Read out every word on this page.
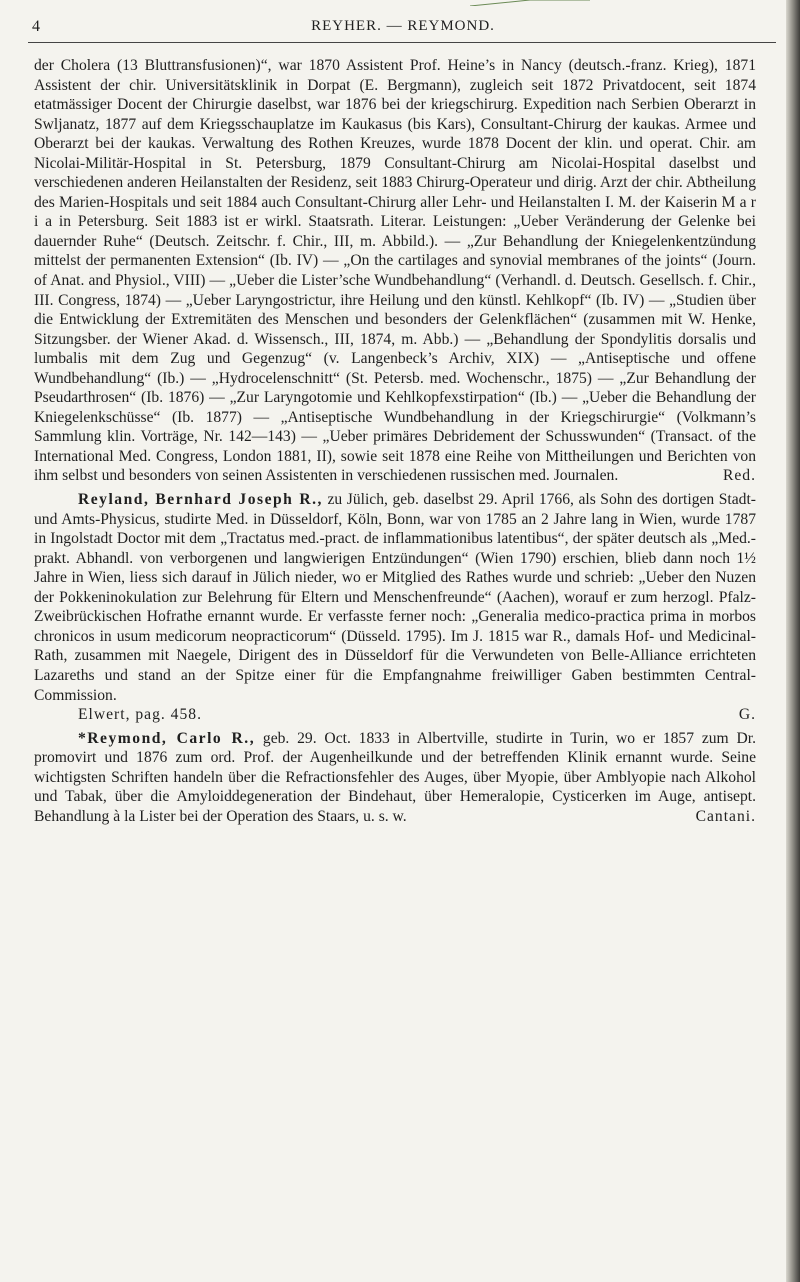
4	REYHER. — REYMOND.

der Cholera (13 Bluttransfusionen)“, war 1870 Assistent Prof. Heine’s in Nancy (deutsch.-franz. Krieg), 1871 Assistent der chir. Universitätsklinik in Dorpat (E. Bergmann), zugleich seit 1872 Privatdocent, seit 1874 etatmässiger Docent der Chirurgie daselbst, war 1876 bei der kriegschirurg. Expedition nach Serbien Oberarzt in Swljanatz, 1877 auf dem Kriegsschauplatze im Kaukasus (bis Kars), Consultant-Chirurg der kaukas. Armee und Oberarzt bei der kaukas. Verwaltung des Rothen Kreuzes, wurde 1878 Docent der klin. und operat. Chir. am Nicolai-Militär-Hospital in St. Petersburg, 1879 Consultant-Chirurg am Nicolai-Hospital daselbst und verschiedenen anderen Heilanstalten der Residenz, seit 1883 Chirurg-Operateur und dirig. Arzt der chir. Abtheilung des Marien-Hospitals und seit 1884 auch Consultant-Chirurg aller Lehr- und Heilanstalten I. M. der Kaiserin M a r i a in Petersburg. Seit 1883 ist er wirkl. Staatsrath. Literar. Leistungen: „Ueber Veränderung der Gelenke bei dauernder Ruhe“ (Deutsch. Zeitschr. f. Chir., III, m. Abbild.). — „Zur Behandlung der Kniegelenkentzündung mittelst der permanenten Extension“ (Ib. IV) — „On the cartilages and synovial membranes of the joints“ (Journ. of Anat. and Physiol., VIII) — „Ueber die Lister’sche Wundbehandlung“ (Verhandl. d. Deutsch. Gesellsch. f. Chir., III. Congress, 1874) — „Ueber Laryngostrictur, ihre Heilung und den künstl. Kehlkopf“ (Ib. IV) — „Studien über die Entwicklung der Extremitäten des Menschen und besonders der Gelenkflächen“ (zusammen mit W. Henke, Sitzungsber. der Wiener Akad. d. Wissensch., III, 1874, m. Abb.) — „Behandlung der Spondylitis dorsalis und lumbalis mit dem Zug und Gegenzug“ (v. Langenbeck’s Archiv, XIX) — „Antiseptische und offene Wundbehandlung“ (Ib.) — „Hydrocelenschnitt“ (St. Petersb. med. Wochenschr., 1875) — „Zur Behandlung der Pseudarthrosen“ (Ib. 1876) — „Zur Laryngotomie und Kehlkopfexstirpation“ (Ib.) — „Ueber die Behandlung der Kniegelenkschüsse“ (Ib. 1877) — „Antiseptische Wundbehandlung in der Kriegschirurgie“ (Volkmann’s Sammlung klin. Vorträge, Nr. 142—143) — „Ueber primäres Debridement der Schusswunden“ (Transact. of the International Med. Congress, London 1881, II), sowie seit 1878 eine Reihe von Mittheilungen und Berichten von ihm selbst und besonders von seinen Assistenten in verschiedenen russischen med. Journalen.	Red.

Reyland, Bernhard Joseph R., zu Jülich, geb. daselbst 29. April 1766, als Sohn des dortigen Stadt- und Amts-Physicus, studirte Med. in Düsseldorf, Köln, Bonn, war von 1785 an 2 Jahre lang in Wien, wurde 1787 in Ingolstadt Doctor mit dem „Tractatus med.-pract. de inflammationibus latentibus“, der später deutsch als „Med.-prakt. Abhandl. von verborgenen und langwierigen Entzündungen“ (Wien 1790) erschien, blieb dann noch 1½ Jahre in Wien, liess sich darauf in Jülich nieder, wo er Mitglied des Rathes wurde und schrieb: „Ueber den Nuzen der Pokkeninokulation zur Belehrung für Eltern und Menschenfreunde“ (Aachen), worauf er zum herzogl. Pfalz-Zweibrückischen Hofrathe ernannt wurde. Er verfasste ferner noch: „Generalia medico-practica prima in morbos chronicos in usum medicorum neopracticorum“ (Düsseld. 1795). Im J. 1815 war R., damals Hof- und Medicinal-Rath, zusammen mit Naegele, Dirigent des in Düsseldorf für die Verwundeten von Belle-Alliance errichteten Lazareths und stand an der Spitze einer für die Empfangnahme freiwilliger Gaben bestimmten Central-Commission.

Elwert, pag. 458.	G.

*Reymond, Carlo R., geb. 29. Oct. 1833 in Albertville, studirte in Turin, wo er 1857 zum Dr. promovirt und 1876 zum ord. Prof. der Augenheilkunde und der betreffenden Klinik ernannt wurde. Seine wichtigsten Schriften handeln über die Refractionsfehler des Auges, über Myopie, über Amblyopie nach Alkohol und Tabak, über die Amyloiddegeneration der Bindehaut, über Hemeralopie, Cysticerken im Auge, antisept. Behandlung à la Lister bei der Operation des Staars, u. s. w.	Cantani.
